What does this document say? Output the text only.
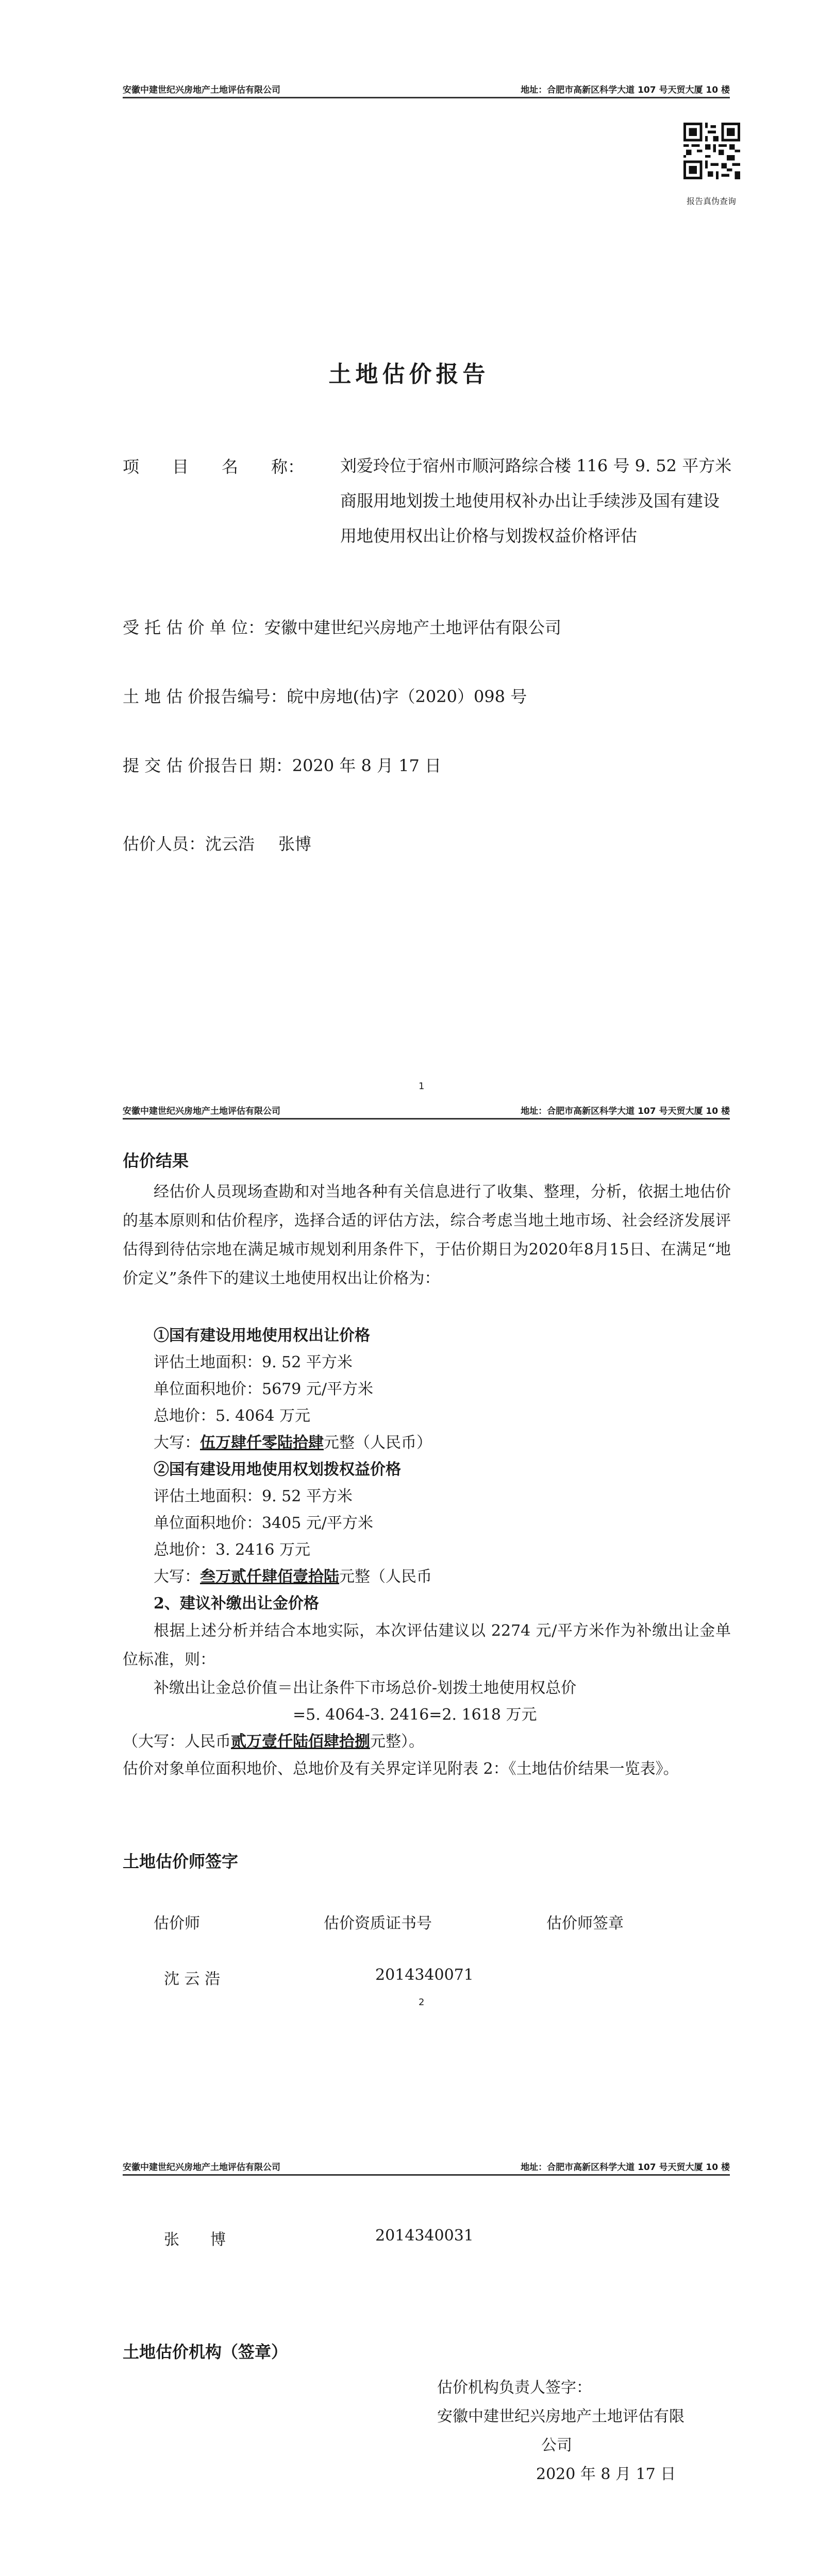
安徽中建世纪兴房地产土地评估有限公司	地址：合肥市高新区科学大道 107 号天贸大厦 10 楼
报告真伪查询
土地估价报告
项　　目　　名　　称： 刘爱玲位于宿州市顺河路综合楼 116 号 9. 52 平方米商服用地划拨土地使用权补办出让手续涉及国有建设用地使用权出让价格与划拨权益价格评估
受 托 估 价 单 位：安徽中建世纪兴房地产土地评估有限公司
土 地 估 价报告编号：皖中房地(估)字（2020）098 号
提 交 估 价报告日 期：2020 年 8 月 17 日
估价人员：沈云浩 张博
1
安徽中建世纪兴房地产土地评估有限公司	地址：合肥市高新区科学大道 107 号天贸大厦 10 楼
估价结果
经估价人员现场查勘和对当地各种有关信息进行了收集、整理，分析，依据土地估价的基本原则和估价程序，选择合适的评估方法，综合考虑当地土地市场、社会经济发展评估得到待估宗地在满足城市规划利用条件下，于估价期日为2020年8月15日、在满足“地价定义”条件下的建议土地使用权出让价格为：
①国有建设用地使用权出让价格
评估土地面积：9. 52 平方米
单位面积地价：5679 元/平方米
总地价：5. 4064 万元
大写：伍万肆仟零陆拾肆元整（人民币）
②国有建设用地使用权划拨权益价格
评估土地面积：9. 52 平方米
单位面积地价：3405 元/平方米
总地价：3. 2416 万元
大写：叁万贰仟肆佰壹拾陆元整（人民币
2、建议补缴出让金价格
根据上述分析并结合本地实际，本次评估建议以 2274 元/平方米作为补缴出让金单位标准，则：
补缴出让金总价值＝出让条件下市场总价-划拨土地使用权总价
=5. 4064-3. 2416=2. 1618 万元
（大写：人民币贰万壹仟陆佰肆拾捌元整）。
估价对象单位面积地价、总地价及有关界定详见附表 2：《土地估价结果一览表》。
土地估价师签字
估价师	估价资质证书号	估价师签章
沈 云 浩	2014340071
2
安徽中建世纪兴房地产土地评估有限公司	地址：合肥市高新区科学大道 107 号天贸大厦 10 楼
张　　博	2014340031
土地估价机构（签章）
估价机构负责人签字：
安徽中建世纪兴房地产土地评估有限
公司
2020 年 8 月 17 日
